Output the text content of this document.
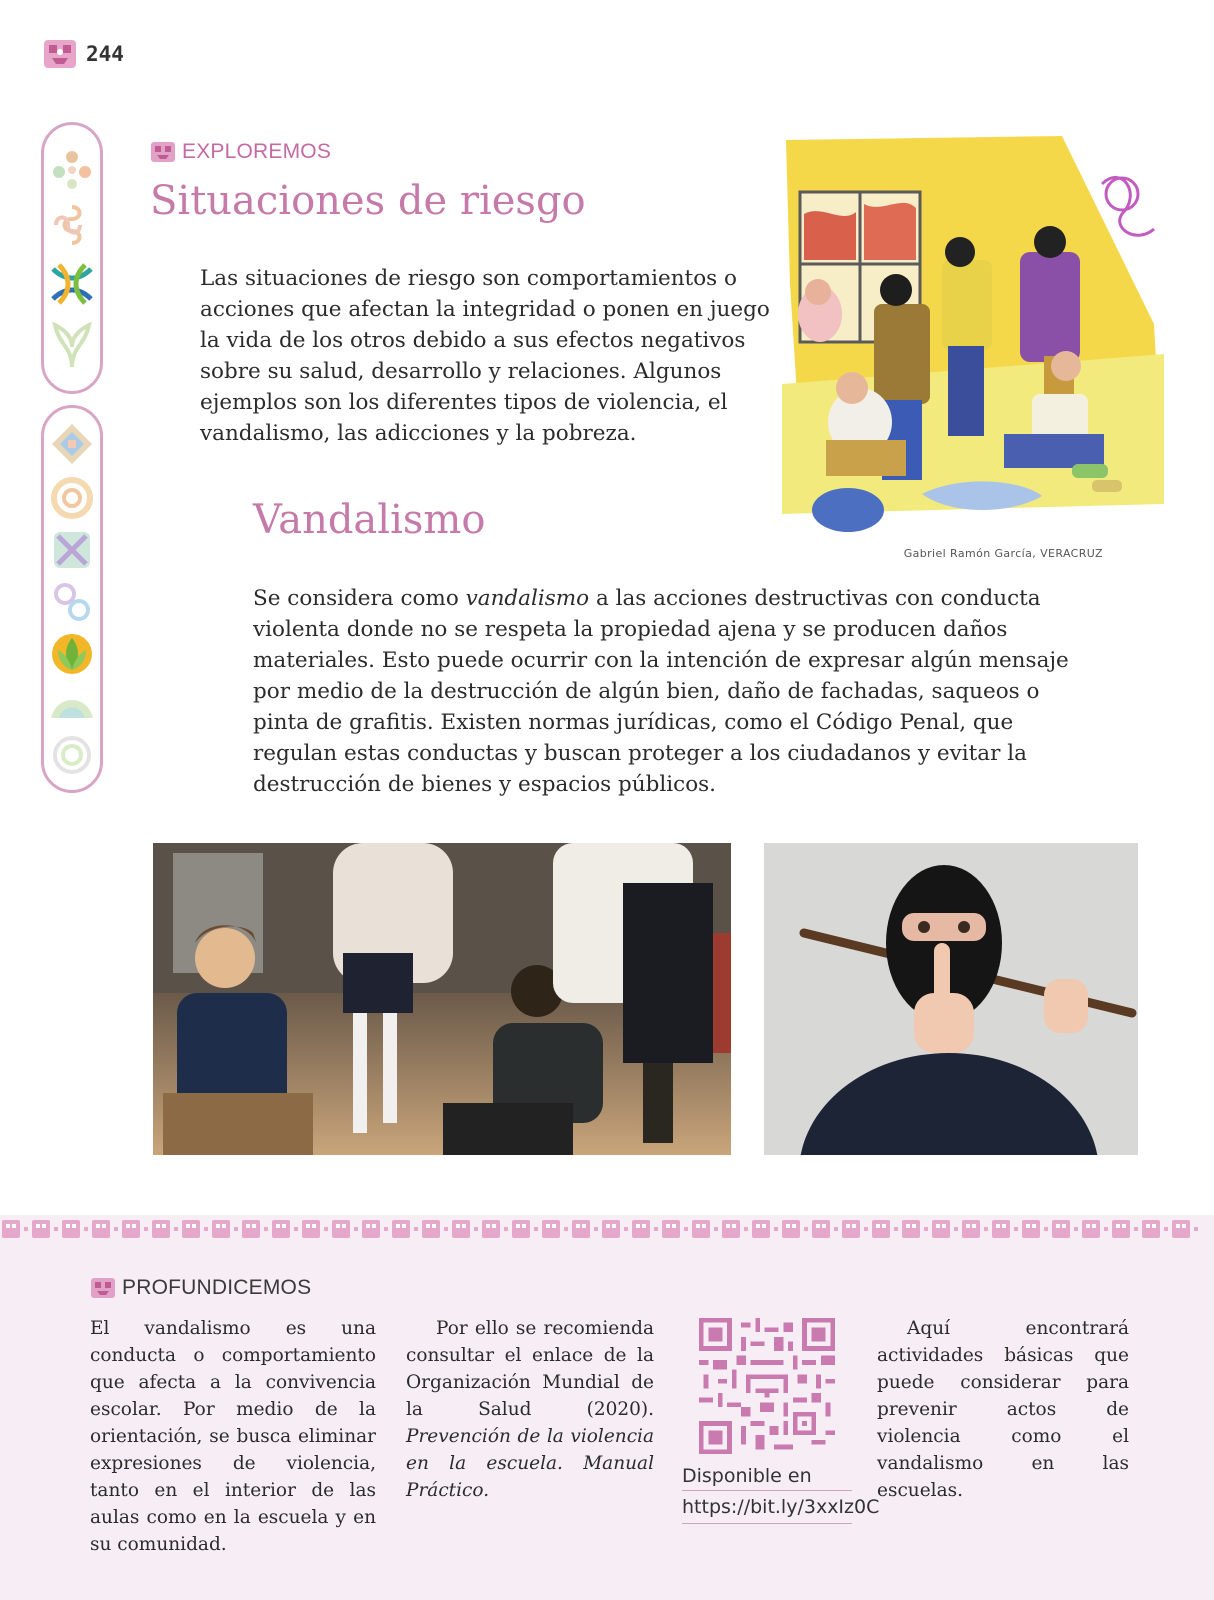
244
EXPLOREMOS
Situaciones de riesgo

Las situaciones de riesgo son comportamientos o acciones que afectan la integridad o ponen en juego la vida de los otros debido a sus efectos negativos sobre su salud, desarrollo y relaciones. Algunos ejemplos son los diferentes tipos de violencia, el vandalismo, las adicciones y la pobreza.

Gabriel Ramón García, VERACRUZ
Vandalismo

Se considera como vandalismo a las acciones destructivas con conducta violenta donde no se respeta la propiedad ajena y se producen daños materiales. Esto puede ocurrir con la intención de expresar algún mensaje por medio de la destrucción de algún bien, daño de fachadas, saqueos o pinta de grafitis. Existen normas jurídicas, como el Código Penal, que regulan estas conductas y buscan proteger a los ciudadanos y evitar la destrucción de bienes y espacios públicos.

PROFUNDICEMOS
El vandalismo es una conducta o comportamiento que afecta a la convivencia escolar. Por medio de la orientación, se busca eliminar expresiones de violencia, tanto en el interior de las aulas como en la escuela y en su comunidad.
Por ello se recomienda consultar el enlace de la Organización Mundial de la Salud (2020). Prevención de la violencia en la escuela. Manual Práctico.
Disponible en
https://bit.ly/3xxIz0C
Aquí encontrará actividades básicas que puede considerar para prevenir actos de violencia como el vandalismo en las escuelas.
